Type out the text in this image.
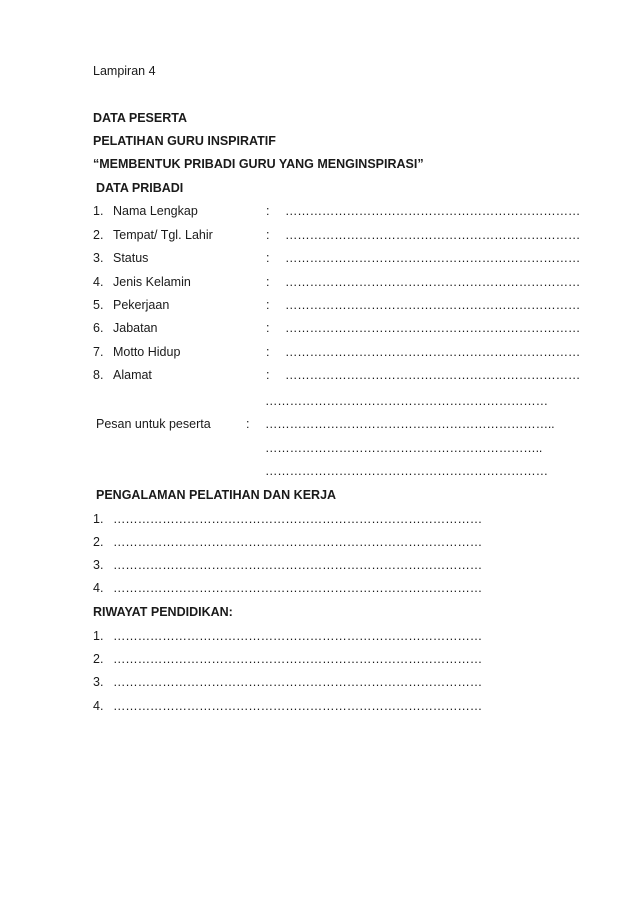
Lampiran 4
DATA PESERTA
PELATIHAN GURU INSPIRATIF
“MEMBENTUK PRIBADI GURU YANG MENGINSPIRASI”
DATA PRIBADI
1. Nama Lengkap	: ………………………………………………………………
2. Tempat/ Tgl. Lahir	: ………………………………………………………………
3. Status	: ………………………………………………………………
4. Jenis Kelamin	: ………………………………………………………………
5. Pekerjaan	: ………………………………………………………………
6. Jabatan	: ………………………………………………………………
7. Motto Hidup	: ………………………………………………………………
8. Alamat	: ………………………………………………………………
……………………………………………………………
Pesan untuk peserta	: ……………………………………………………………..
…………………………………………………………..
……………………………………………………………
PENGALAMAN PELATIHAN DAN KERJA
1. ………………………………………………………………………………
2. ………………………………………………………………………………
3. ………………………………………………………………………………
4. ………………………………………………………………………………
RIWAYAT PENDIDIKAN:
1. ………………………………………………………………………………
2. ………………………………………………………………………………
3. ………………………………………………………………………………
4. ………………………………………………………………………………
